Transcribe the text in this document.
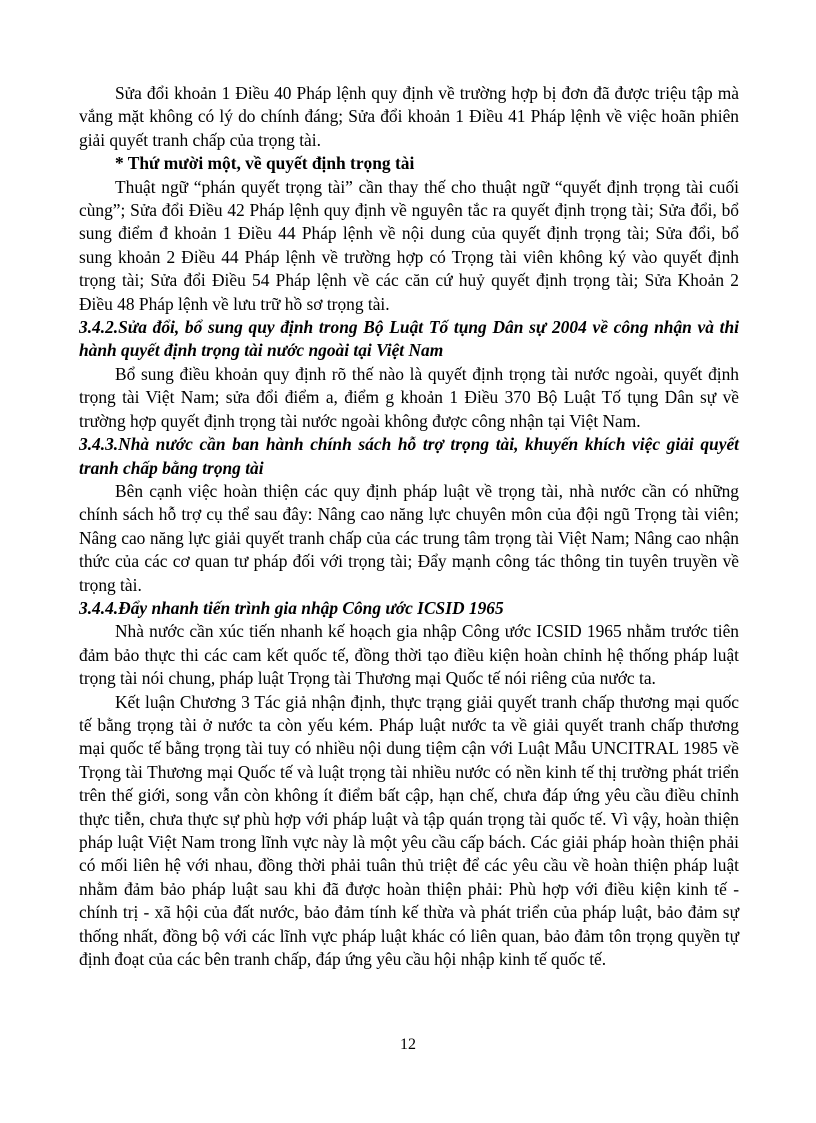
Sửa đổi khoản 1 Điều 40 Pháp lệnh quy định về trường hợp bị đơn đã được triệu tập mà vắng mặt không có lý do chính đáng; Sửa đổi khoản 1 Điều 41 Pháp lệnh về việc hoãn phiên giải quyết tranh chấp của trọng tài.

* Thứ mười một, về quyết định trọng tài

Thuật ngữ “phán quyết trọng tài” cần thay thế cho thuật ngữ “quyết định trọng tài cuối cùng”; Sửa đổi Điều 42 Pháp lệnh quy định về nguyên tắc ra quyết định trọng tài; Sửa đổi, bổ sung điểm đ khoản 1 Điều 44 Pháp lệnh về nội dung của quyết định trọng tài; Sửa đổi, bổ sung khoản 2 Điều 44 Pháp lệnh về trường hợp có Trọng tài viên không ký vào quyết định trọng tài; Sửa đổi Điều 54 Pháp lệnh về các căn cứ huỷ quyết định trọng tài; Sửa Khoản 2 Điều 48 Pháp lệnh về lưu trữ hồ sơ trọng tài.

3.4.2.Sửa đổi, bổ sung quy định trong Bộ Luật Tố tụng Dân sự 2004 về công nhận và thi hành quyết định trọng tài nước ngoài tại Việt Nam

Bổ sung điều khoản quy định rõ thế nào là quyết định trọng tài nước ngoài, quyết định trọng tài Việt Nam; sửa đổi điểm a, điểm g khoản 1 Điều 370 Bộ Luật Tố tụng Dân sự về trường hợp quyết định trọng tài nước ngoài không được công nhận tại Việt Nam.

3.4.3.Nhà nước cần ban hành chính sách hỗ trợ trọng tài, khuyến khích việc giải quyết tranh chấp bằng trọng tài

Bên cạnh việc hoàn thiện các quy định pháp luật về trọng tài, nhà nước cần có những chính sách hỗ trợ cụ thể sau đây: Nâng cao năng lực chuyên môn của đội ngũ Trọng tài viên; Nâng cao năng lực giải quyết tranh chấp của các trung tâm trọng tài Việt Nam; Nâng cao nhận thức của các cơ quan tư pháp đối với trọng tài; Đẩy mạnh công tác thông tin tuyên truyền về trọng tài.

3.4.4.Đẩy nhanh tiến trình gia nhập Công ước ICSID 1965

Nhà nước cần xúc tiến nhanh kế hoạch gia nhập Công ước ICSID 1965 nhằm trước tiên đảm bảo thực thi các cam kết quốc tế, đồng thời tạo điều kiện hoàn chỉnh hệ thống pháp luật trọng tài nói chung, pháp luật Trọng tài Thương mại Quốc tế nói riêng của nước ta.

Kết luận Chương 3 Tác giả nhận định, thực trạng giải quyết tranh chấp thương mại quốc tế bằng trọng tài ở nước ta còn yếu kém. Pháp luật nước ta về giải quyết tranh chấp thương mại quốc tế bằng trọng tài tuy có nhiều nội dung tiệm cận với Luật Mẫu UNCITRAL 1985 về Trọng tài Thương mại Quốc tế và luật trọng tài nhiều nước có nền kinh tế thị trường phát triển trên thế giới, song vẫn còn không ít điểm bất cập, hạn chế, chưa đáp ứng yêu cầu điều chỉnh thực tiễn, chưa thực sự phù hợp với pháp luật và tập quán trọng tài quốc tế. Vì vậy, hoàn thiện pháp luật Việt Nam trong lĩnh vực này là một yêu cầu cấp bách. Các giải pháp hoàn thiện phải có mối liên hệ với nhau, đồng thời phải tuân thủ triệt để các yêu cầu về hoàn thiện pháp luật nhằm đảm bảo pháp luật sau khi đã được hoàn thiện phải: Phù hợp với điều kiện kinh tế - chính trị - xã hội của đất nước, bảo đảm tính kế thừa và phát triển của pháp luật, bảo đảm sự thống nhất, đồng bộ với các lĩnh vực pháp luật khác có liên quan, bảo đảm tôn trọng quyền tự định đoạt của các bên tranh chấp, đáp ứng yêu cầu hội nhập kinh tế quốc tế.

12
